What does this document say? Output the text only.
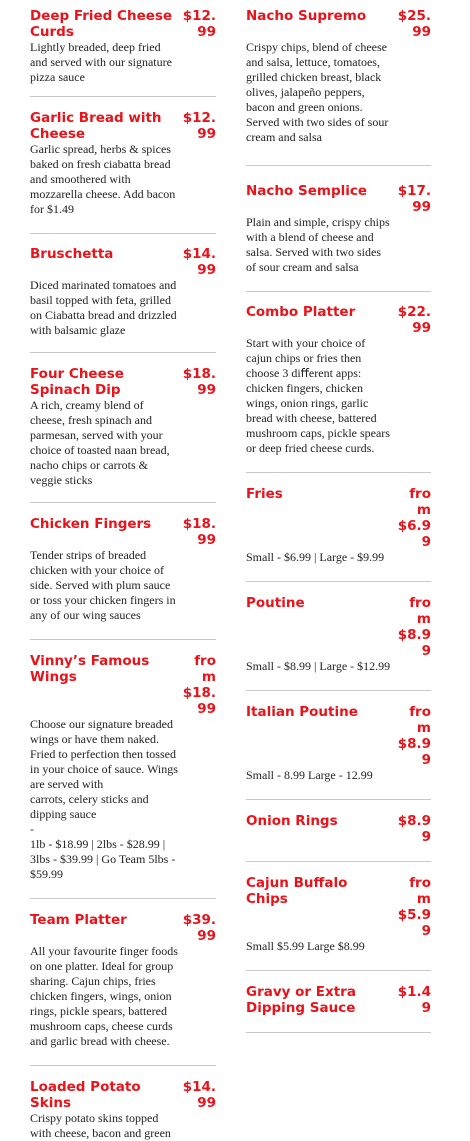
Deep Fried Cheese Curds
$12.99
Lightly breaded, deep fried and served with our signature pizza sauce
Garlic Bread with Cheese
$12.99
Garlic spread, herbs & spices baked on fresh ciabatta bread and smoothered with mozzarella cheese. Add bacon for $1.49
Bruschetta	$14.99
Diced marinated tomatoes and basil topped with feta, grilled on Ciabatta bread and drizzled with balsamic glaze
Four Cheese Spinach Dip
$18.99
A rich, creamy blend of cheese, fresh spinach and parmesan, served with your choice of toasted naan bread, nacho chips or carrots & veggie sticks
Chicken Fingers	$18.99
Tender strips of breaded chicken with your choice of side. Served with plum sauce or toss your chicken fingers in any of our wing sauces
Vinny’s Famous Wings
from $18.99
Choose our signature breaded wings or have them naked. Fried to perfection then tossed in your choice of sauce. Wings are served with
carrots, celery sticks and dipping sauce
-
1lb - $18.99 | 2lbs - $28.99 | 3lbs - $39.99 | Go Team 5lbs - $59.99
Team Platter	$39.99
All your favourite finger foods on one platter. Ideal for group sharing. Cajun chips, fries chicken fingers, wings, onion rings, pickle spears, battered mushroom caps, cheese curds and garlic bread with cheese.
Loaded Potato Skins
$14.99
Crispy potato skins topped with cheese, bacon and green
Nacho Supremo	$25.99
Crispy chips, blend of cheese and salsa, lettuce, tomatoes, grilled chicken breast, black olives, jalapeño peppers, bacon and green onions. Served with two sides of sour cream and salsa
Nacho Semplice	$17.99
Plain and simple, crispy chips with a blend of cheese and salsa. Served with two sides of sour cream and salsa
Combo Platter	$22.99
Start with your choice of cajun chips or fries then choose 3 diﬀerent apps: chicken fingers, chicken wings, onion rings, garlic bread with cheese, battered mushroom caps, pickle spears or deep fried cheese curds.
Fries	from $6.99
Small - $6.99 | Large - $9.99
Poutine	from $8.99
Small - $8.99 | Large - $12.99
Italian Poutine	from $8.99
Small - 8.99 Large - 12.99
Onion Rings	$8.99
Cajun Buffalo Chips
from $5.99
Small $5.99 Large $8.99
Gravy or Extra Dipping Sauce
$1.49
